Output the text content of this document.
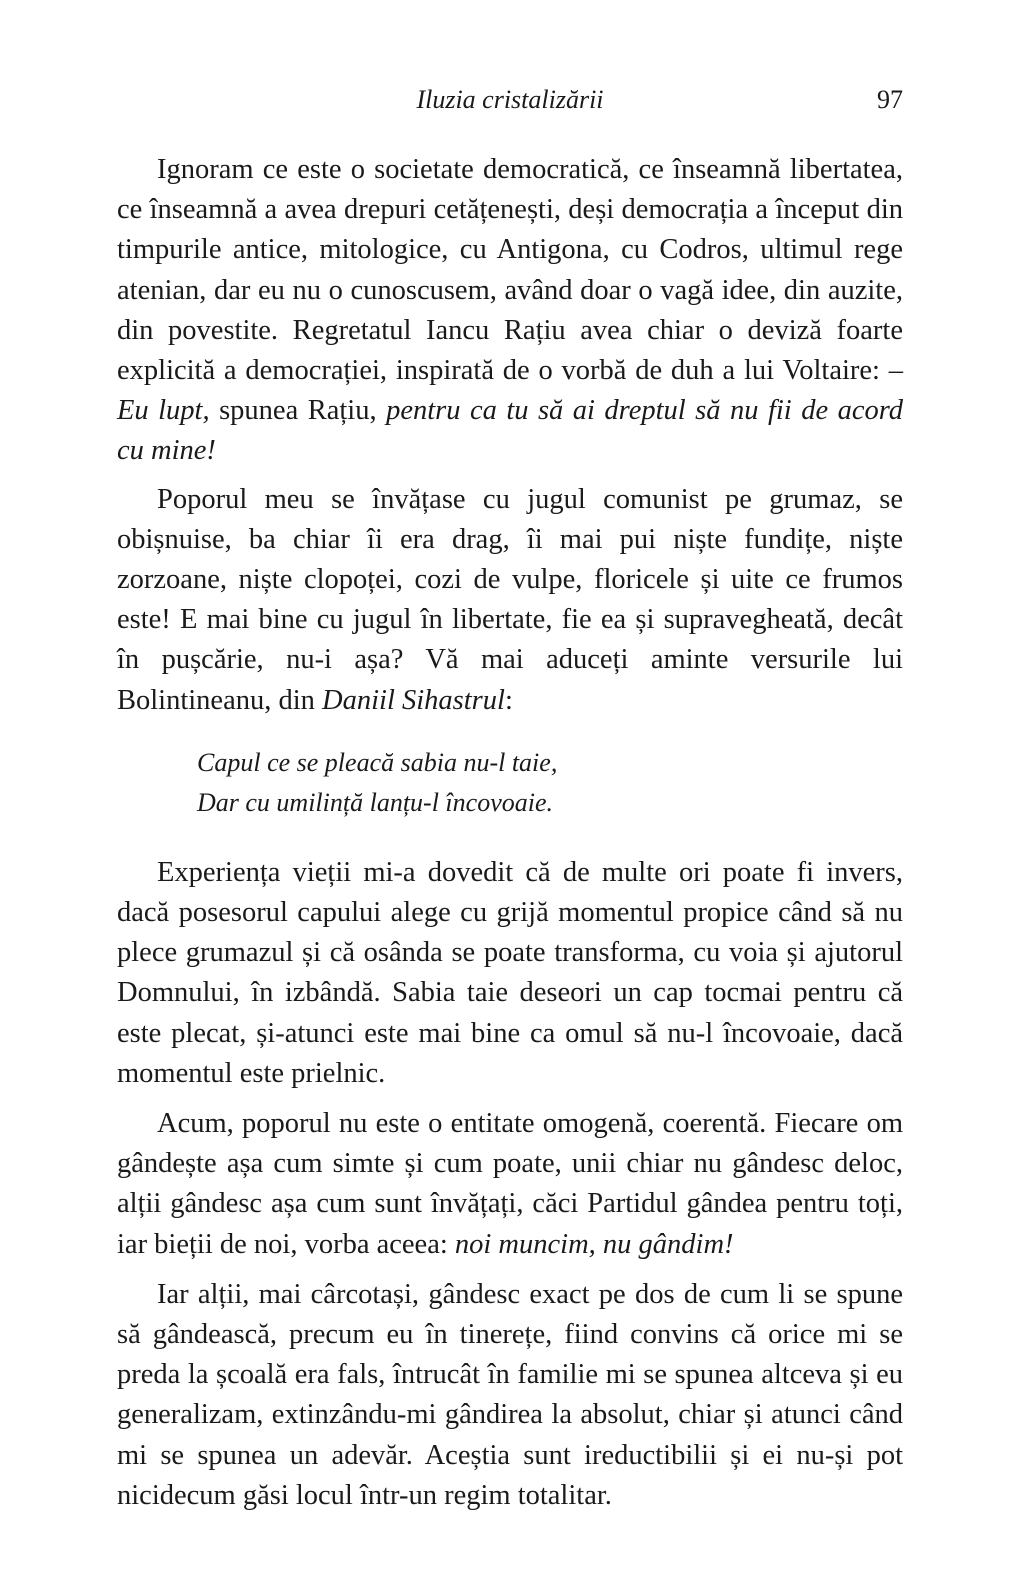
Iluzia cristalizării	97

Ignoram ce este o societate democratică, ce înseamnă libertatea, ce înseamnă a avea drepuri cetățenești, deși democrația a început din timpurile antice, mitologice, cu Antigona, cu Codros, ultimul rege atenian, dar eu nu o cunoscusem, având doar o vagă idee, din auzite, din povestite. Regretatul Iancu Rațiu avea chiar o deviză foarte explicită a democrației, inspirată de o vorbă de duh a lui Voltaire: – Eu lupt, spunea Rațiu, pentru ca tu să ai dreptul să nu fii de acord cu mine!

Poporul meu se învățase cu jugul comunist pe grumaz, se obișnuise, ba chiar îi era drag, îi mai pui niște fundițe, niște zorzoane, niște clopoței, cozi de vulpe, floricele și uite ce frumos este! E mai bine cu jugul în libertate, fie ea și supravegheată, decât în pușcărie, nu-i așa? Vă mai aduceți aminte versurile lui Bolintineanu, din Daniil Sihastrul:

Capul ce se pleacă sabia nu-l taie,
Dar cu umilință lanțu-l încovoaie.

Experiența vieții mi-a dovedit că de multe ori poate fi invers, dacă posesorul capului alege cu grijă momentul propice când să nu plece grumazul și că osânda se poate transforma, cu voia și ajutorul Domnului, în izbândă. Sabia taie deseori un cap tocmai pentru că este plecat, și-atunci este mai bine ca omul să nu-l încovoaie, dacă momentul este prielnic.

Acum, poporul nu este o entitate omogenă, coerentă. Fiecare om gândește așa cum simte și cum poate, unii chiar nu gândesc deloc, alții gândesc așa cum sunt învățați, căci Partidul gândea pentru toți, iar bieții de noi, vorba aceea: noi muncim, nu gândim!

Iar alții, mai cârcotași, gândesc exact pe dos de cum li se spune să gândească, precum eu în tinerețe, fiind convins că orice mi se preda la școală era fals, întrucât în familie mi se spunea altceva și eu generalizam, extinzându-mi gândirea la absolut, chiar și atunci când mi se spunea un adevăr. Aceștia sunt ireductibilii și ei nu-și pot nicidecum găsi locul într-un regim totalitar.
